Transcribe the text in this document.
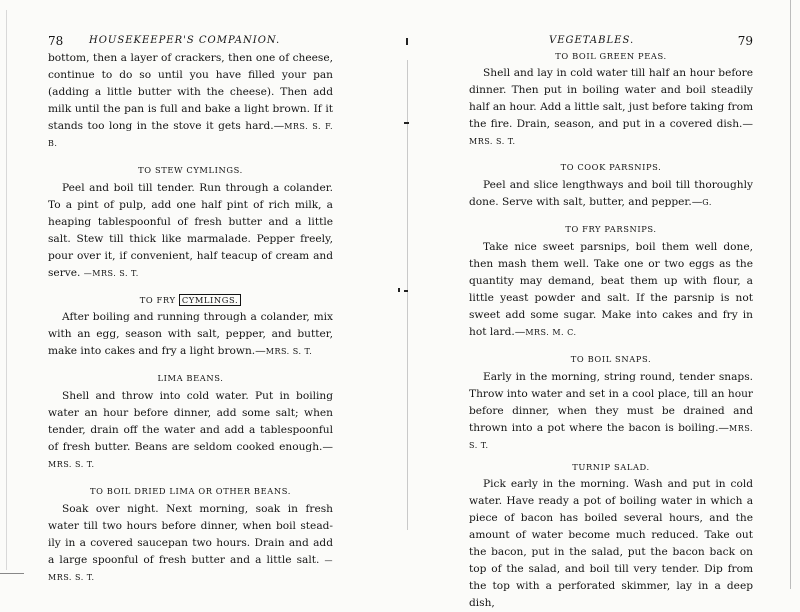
78	HOUSEKEEPER'S COMPANION.

bottom, then a layer of crackers, then one of cheese, continue to do so until you have filled your pan (adding a little butter with the cheese). Then add milk until the pan is full and bake a light brown. If it stands too long in the stove it gets hard.—MRS. S. F. B.

TO STEW CYMLINGS.

Peel and boil till tender. Run through a colander. To a pint of pulp, add one half pint of rich milk, a heaping tablespoonful of fresh butter and a little salt. Stew till thick like marmalade. Pepper freely, pour over it, if convenient, half teacup of cream and serve. —MRS. S. T.

TO FRY CYMLINGS.

After boiling and running through a colander, mix with an egg, season with salt, pepper, and butter, make into cakes and fry a light brown.—MRS. S. T.

LIMA BEANS.

Shell and throw into cold water. Put in boiling water an hour before dinner, add some salt; when tender, drain off the water and add a tablespoonful of fresh butter. Beans are seldom cooked enough.— MRS. S. T.

TO BOIL DRIED LIMA OR OTHER BEANS.

Soak over night. Next morning, soak in fresh water till two hours before dinner, when boil stead- ily in a covered saucepan two hours. Drain and add a large spoonful of fresh butter and a little salt. —MRS. S. T.

VEGETABLES.	79

TO BOIL GREEN PEAS.

Shell and lay in cold water till half an hour before dinner. Then put in boiling water and boil steadily half an hour. Add a little salt, just before taking from the fire. Drain, season, and put in a covered dish.—MRS. S. T.

TO COOK PARSNIPS.

Peel and slice lengthways and boil till thoroughly done. Serve with salt, butter, and pepper.—G.

TO FRY PARSNIPS.

Take nice sweet parsnips, boil them well done, then mash them well. Take one or two eggs as the quantity may demand, beat them up with flour, a little yeast powder and salt. If the parsnip is not sweet add some sugar. Make into cakes and fry in hot lard.—MRS. M. C.

TO BOIL SNAPS.

Early in the morning, string round, tender snaps. Throw into water and set in a cool place, till an hour before dinner, when they must be drained and thrown into a pot where the bacon is boiling.—MRS. S. T.

TURNIP SALAD.

Pick early in the morning. Wash and put in cold water. Have ready a pot of boiling water in which a piece of bacon has boiled several hours, and the amount of water become much reduced. Take out the bacon, put in the salad, put the bacon back on top of the salad, and boil till very tender. Dip from the top with a perforated skimmer, lay in a deep dish,
